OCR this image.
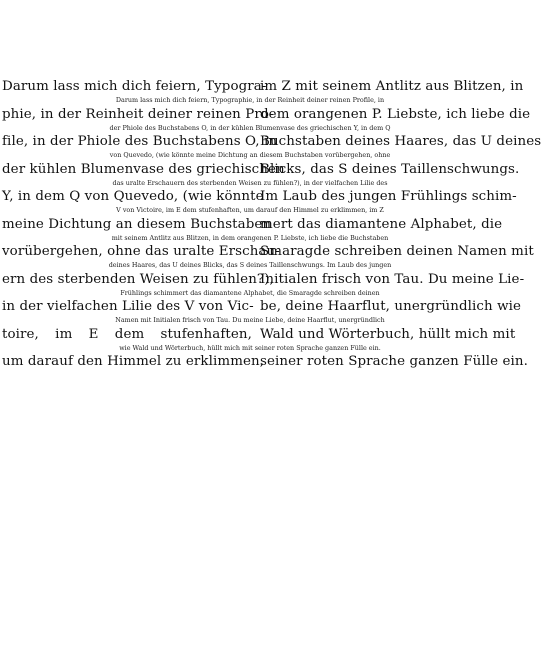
Darum lass mich dich feiern, Typogra-
im Z mit seinem Antlitz aus Blitzen, in
Darum lass mich dich feiern, Typographie, in der Reinheit deiner reinen Profile, in
phie, in der Reinheit deiner reinen Pro-
dem orangenen P. Liebste, ich liebe die
der Phiole des Buchstabens O, in der kühlen Blumenvase des griechischen Y, in dem Q
file, in der Phiole des Buchstabens O, in
Buchstaben deines Haares, das U deines
von Quevedo, (wie könnte meine Dichtung an diesem Buchstaben vorübergehen, ohne
der kühlen Blumenvase des griechischen
Blicks, das S deines Taillenschwungs.
das uralte Erschauern des sterbenden Weisen zu fühlen?), in der vielfachen Lilie des
Y, in dem Q von Quevedo, (wie könnte
Im Laub des jungen Frühlings schim-
V von Victoire, im E dem stufenhaften, um darauf den Himmel zu erklimmen, im Z
meine Dichtung an diesem Buchstaben
mert das diamantene Alphabet, die
mit seinem Antlitz aus Blitzen, in dem orangenen P. Liebste, ich liebe die Buchstaben
vorübergehen, ohne das uralte Erschau-
Smaragde schreiben deinen Namen mit
deines Haares, das U deines Blicks, das S deines Taillenschwungs. Im Laub des jungen
ern des sterbenden Weisen zu fühlen?),
Initialen frisch von Tau. Du meine Lie-
Frühlings schimmert das diamantene Alphabet, die Smaragde schreiben deinen
in der vielfachen Lilie des V von Vic- be, deine Haarflut, unergründlich wie
Namen mit Initialen frisch von Tau. Du meine Liebe, deine Haarflut, unergründlich
toire, im E dem stufenhaften, Wald und Wörterbuch, hüllt mich mit
wie Wald und Wörterbuch, hüllt mich mit seiner roten Sprache ganzen Fülle ein.
um darauf den Himmel zu erklimmen,
seiner roten Sprache ganzen Fülle ein.
